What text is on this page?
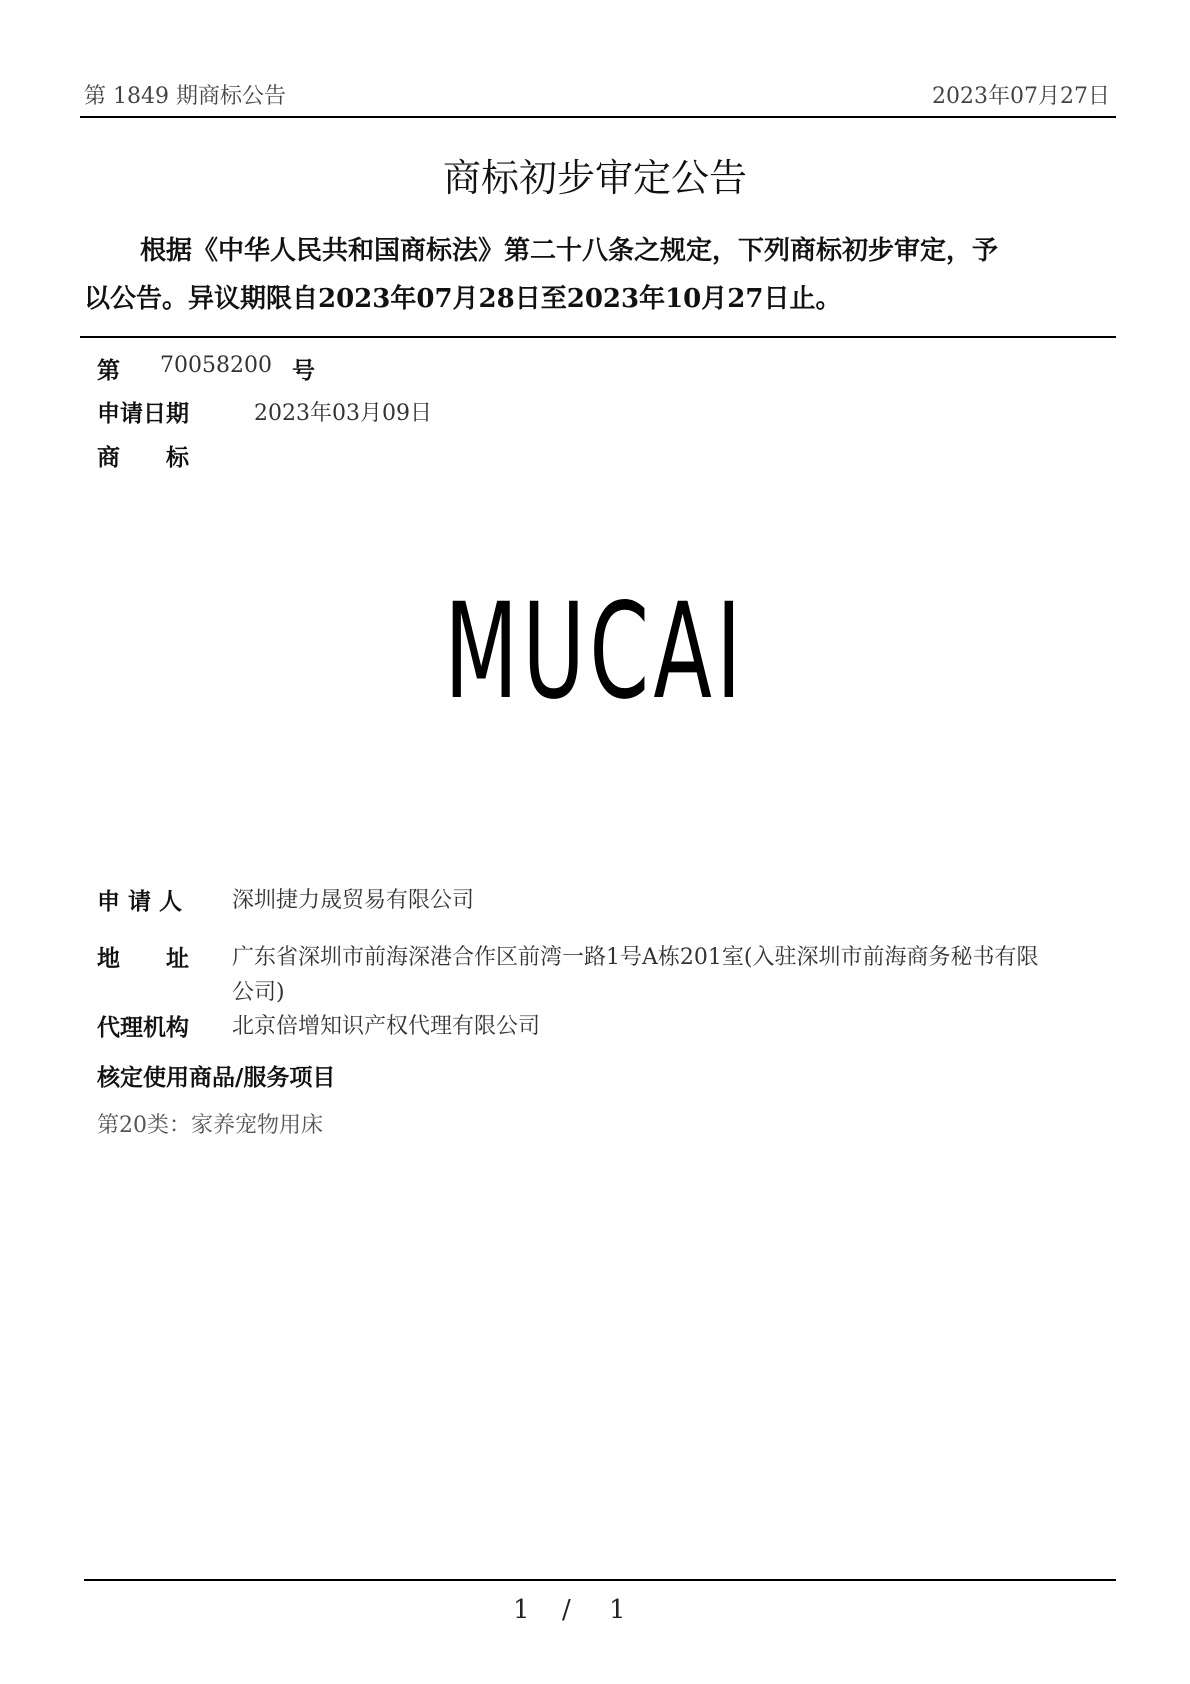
第 1849 期商标公告	2023年07月27日
商标初步审定公告
根据《中华人民共和国商标法》第二十八条之规定，下列商标初步审定，予
以公告。异议期限自2023年07月28日至2023年10月27日止。
第 70058200 号
申请日期	2023年03月09日
商　　标
MUCAI
申 请 人 深圳捷力晟贸易有限公司
地　　址 广东省深圳市前海深港合作区前湾一路1号A栋201室(入驻深圳市前海商务秘书有限
公司)
代理机构 北京倍增知识产权代理有限公司
核定使用商品/服务项目
第20类：家养宠物用床
1 / 1
